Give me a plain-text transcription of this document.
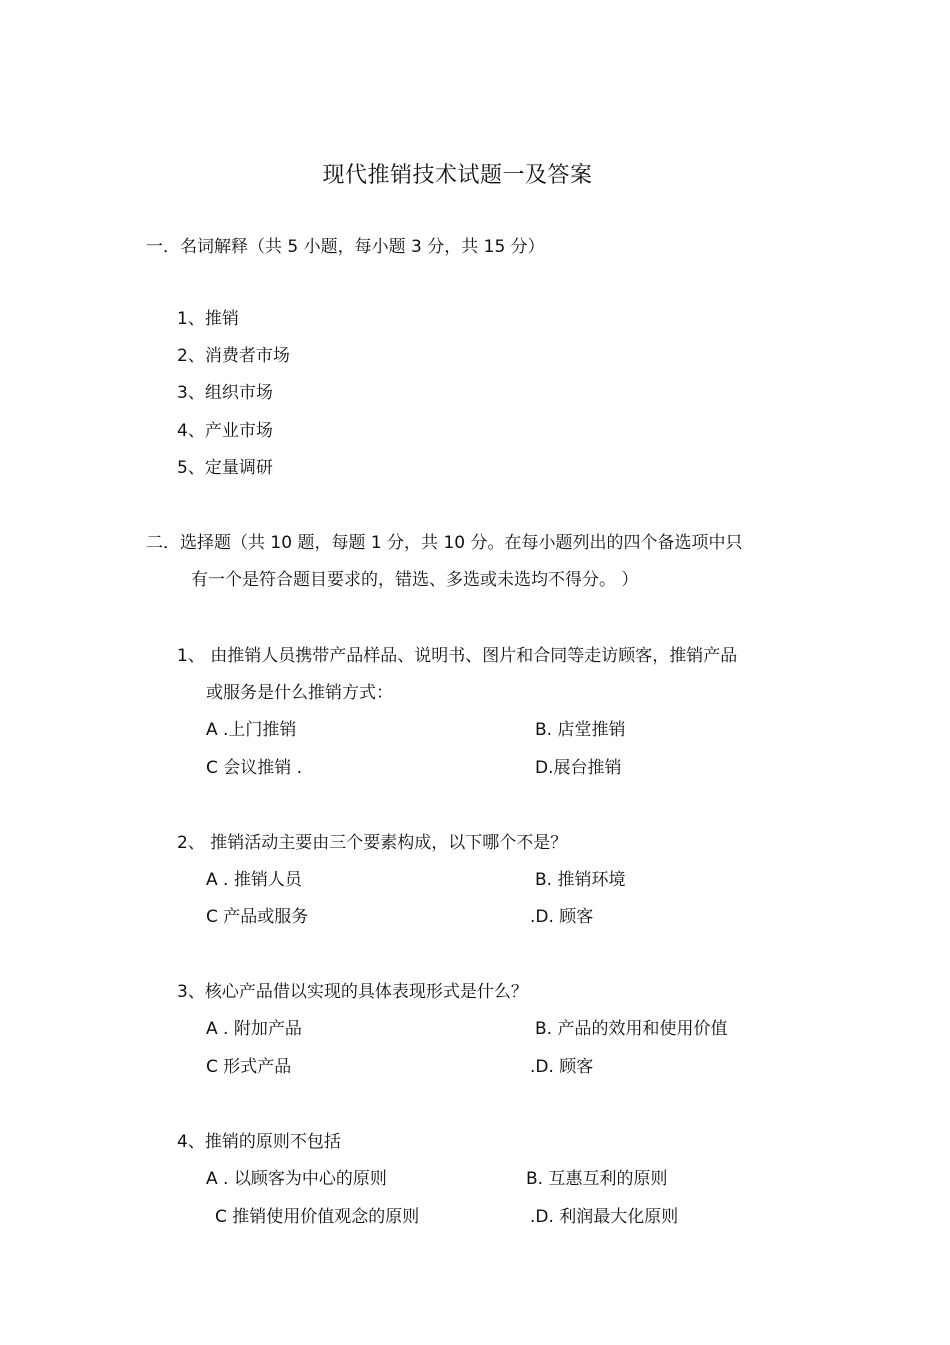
现代推销技术试题一及答案
一．名词解释（共 5 小题，每小题 3 分，共 15 分）
1、推销
2、消费者市场
3、组织市场
4、产业市场
5、定量调研
二．选择题（共 10 题，每题 1 分，共 10 分。在每小题列出的四个备选项中只
有一个是符合题目要求的，错选、多选或未选均不得分。 ）
1、 由推销人员携带产品样品、说明书、图片和合同等走访顾客，推销产品
或服务是什么推销方式：
A .上门推销	B. 店堂推销
C 会议推销 .	D.展台推销
2、 推销活动主要由三个要素构成，以下哪个不是？
A . 推销人员	B. 推销环境
C 产品或服务	.D. 顾客
3、核心产品借以实现的具体表现形式是什么？
A . 附加产品	B. 产品的效用和使用价值
C 形式产品	.D. 顾客
4、推销的原则不包括
A . 以顾客为中心的原则	B. 互惠互利的原则
C 推销使用价值观念的原则	.D. 利润最大化原则
